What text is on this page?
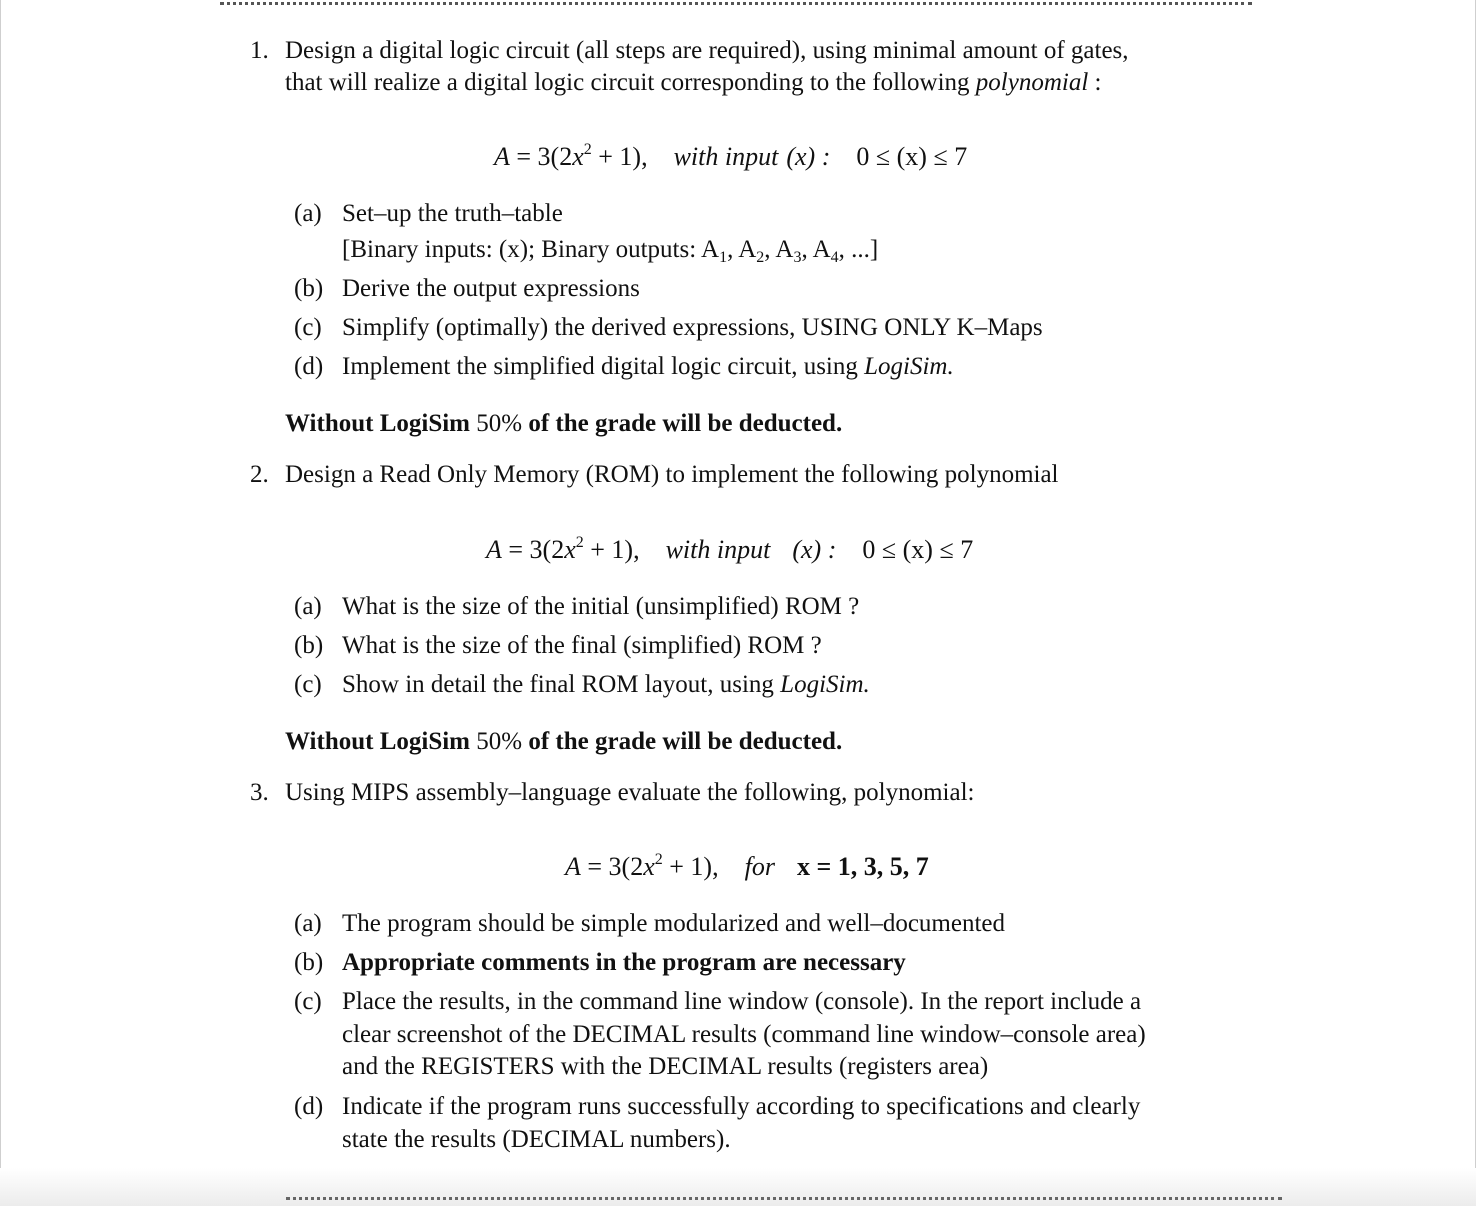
1. Design a digital logic circuit (all steps are required), using minimal amount of gates,
that will realize a digital logic circuit corresponding to the following polynomial :
$A = 3(2x^2 + 1)$, with input (x) : 0 ≤ (x) ≤ 7
(a) Set–up the truth–table
[Binary inputs: (x); Binary outputs: $A_1$, $A_2$, $A_3$, $A_4$, ...]
(b) Derive the output expressions
(c) Simplify (optimally) the derived expressions, USING ONLY K–Maps
(d) Implement the simplified digital logic circuit, using LogiSim.
Without LogiSim 50% of the grade will be deducted.
2. Design a Read Only Memory (ROM) to implement the following polynomial
$A = 3(2x^2 + 1)$, with input (x) : 0 ≤ (x) ≤ 7
(a) What is the size of the initial (unsimplified) ROM ?
(b) What is the size of the final (simplified) ROM ?
(c) Show in detail the final ROM layout, using LogiSim.
Without LogiSim 50% of the grade will be deducted.
3. Using MIPS assembly–language evaluate the following, polynomial:
$A = 3(2x^2 + 1)$, for x = 1, 3, 5, 7
(a) The program should be simple modularized and well–documented
(b) Appropriate comments in the program are necessary
(c) Place the results, in the command line window (console). In the report include a
clear screenshot of the DECIMAL results (command line window–console area)
and the REGISTERS with the DECIMAL results (registers area)
(d) Indicate if the program runs successfully according to specifications and clearly
state the results (DECIMAL numbers).
